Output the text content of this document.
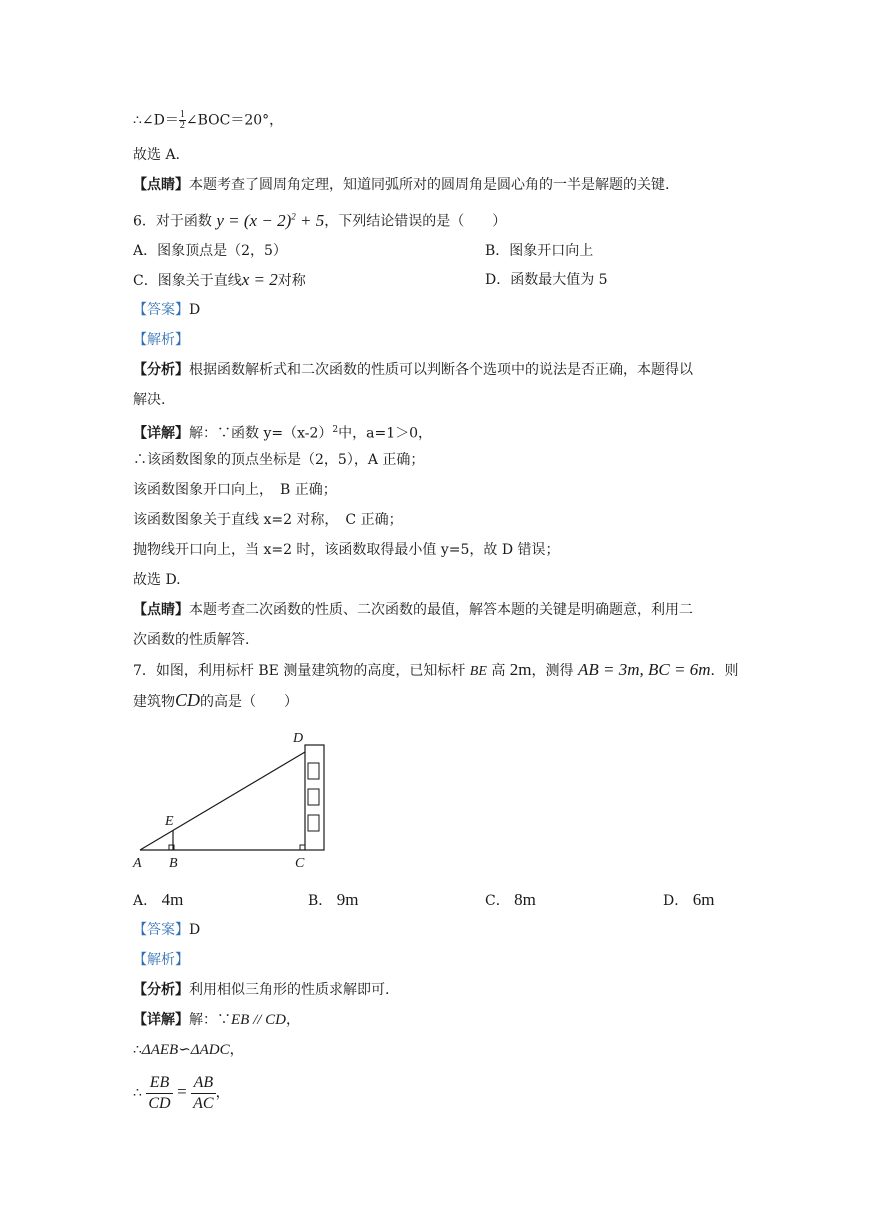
∴∠D＝ $\frac{1}{2}$ ∠BOC＝20°，
故选 A.
【点睛】本题考查了圆周角定理，知道同弧所对的圆周角是圆心角的一半是解题的关键.
6．对于函数 $y = (x - 2)^2 + 5$，下列结论错误的是（　　）
A．图象顶点是（2，5）	B．图象开口向上
C．图象关于直线x = 2对称	D．函数最大值为 5
【答案】D
【解析】
【分析】根据函数解析式和二次函数的性质可以判断各个选项中的说法是否正确，本题得以
解决.
【详解】解：∵函数 $y=(x-2)^2$中，a=1＞0，
∴该函数图象的顶点坐标是（2，5），A 正确；
该函数图象开口向上，　B 正确；
该函数图象关于直线 x=2 对称，　C 正确；
抛物线开口向上，当 x=2 时，该函数取得最小值 y=5，故 D 错误；
故选 D.
【点睛】本题考查二次函数的性质、二次函数的最值，解答本题的关键是明确题意，利用二
次函数的性质解答.
7．如图，利用标杆 BE 测量建筑物的高度，已知标杆 BE 高 2m，测得 AB = 3m, BC = 6m．则
建筑物CD的高是（　　）
A B	C
D
E
A． 4m	B． 9m	C． 8m	D． 6m
【答案】D
【解析】
【分析】利用相似三角形的性质求解即可.
【详解】解：∵EB // CD，
∴ΔAEB∽ΔADC，
∴ $\frac{EB}{CD} = \frac{AB}{AC}$ ，
